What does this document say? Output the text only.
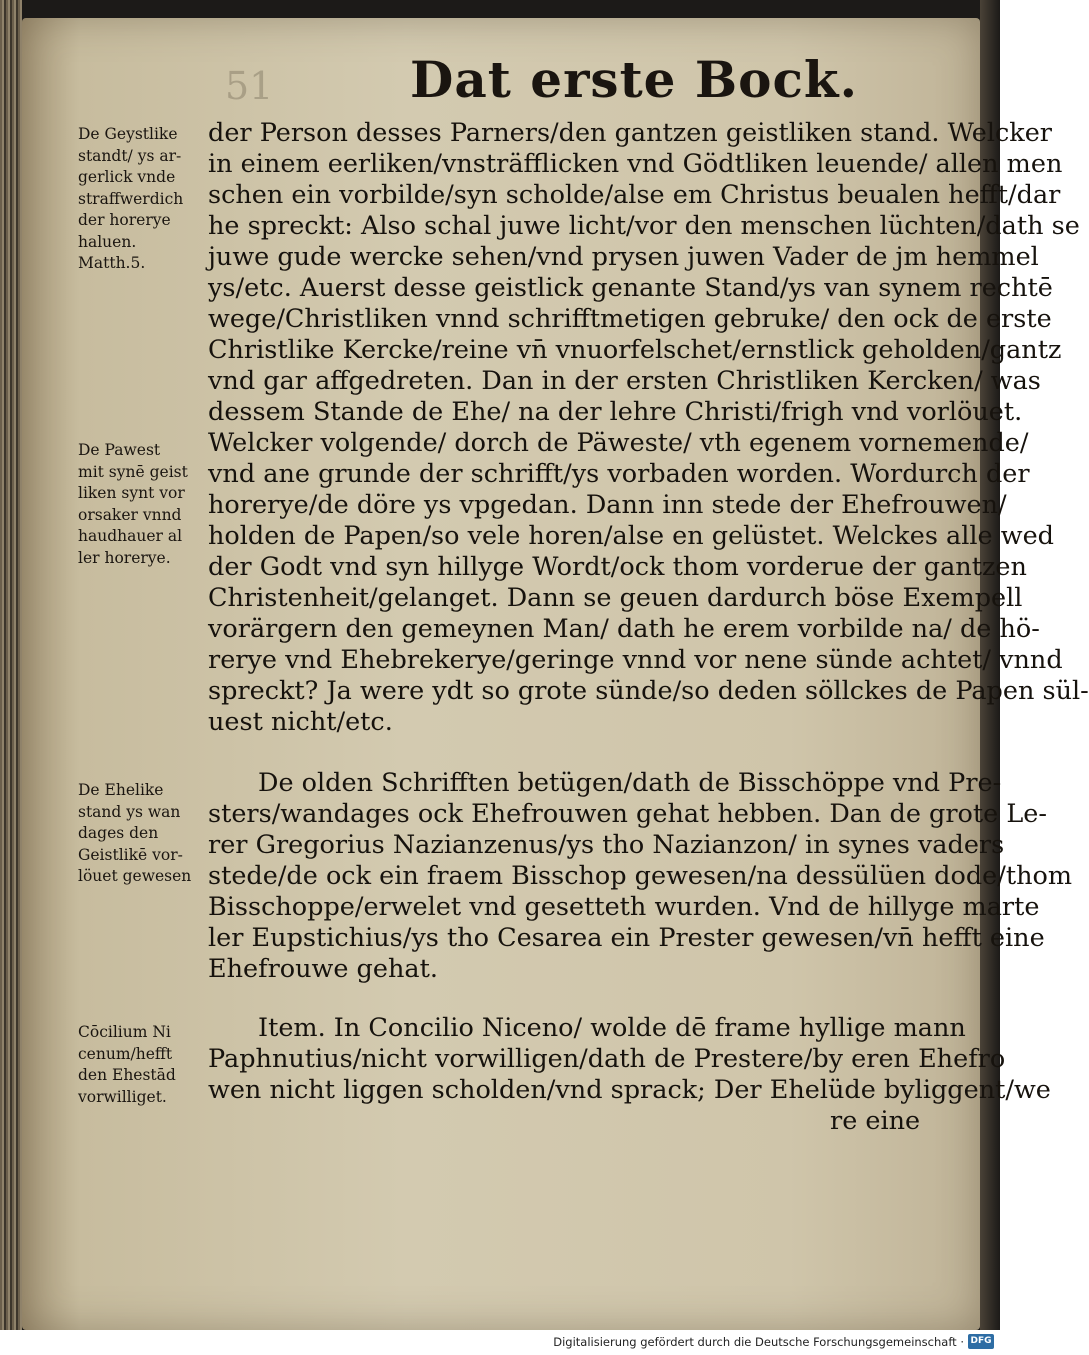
51	Dat erste Bock.
De Geystlike
standt/ ys ar-
gerlick vnde
straffwerdich
der horerye
haluen.
Matth.5.
De Pawest
mit synē geist
liken synt vor
orsaker vnnd
haudhauer al
ler horerye.
De Ehelike
stand ys wan
dages den
Geistlikē vor-
löuet gewesen
Cōcilium Ni
cenum/hefft
den Ehestād
vorwilliget.
der Person desses Parners/den gantzen geistliken stand. Welcker
in einem eerliken/vnsträfflicken vnd Gödtliken leuende/ allen men
schen ein vorbilde/syn scholde/alse em Christus beualen hefft/dar
he spreckt: Also schal juwe licht/vor den menschen lüchten/dath se
juwe gude wercke sehen/vnd prysen juwen Vader de jm hemmel
ys/etc. Auerst desse geistlick genante Stand/ys van synem rechtē
wege/Christliken vnnd schrifftmetigen gebruke/ den ock de erste
Christlike Kercke/reine vn̄ vnuorfelschet/ernstlick geholden/gantz
vnd gar affgedreten. Dan in der ersten Christliken Kercken/ was
dessem Stande de Ehe/ na der lehre Christi/frigh vnd vorlöuet.
Welcker volgende/ dorch de Päweste/ vth egenem vornemende/
vnd ane grunde der schrifft/ys vorbaden worden. Wordurch der
horerye/de döre ys vpgedan. Dann inn stede der Ehefrouwen/
holden de Papen/so vele horen/alse en gelüstet. Welckes alle wed
der Godt vnd syn hillyge Wordt/ock thom vorderue der gantzen
Christenheit/gelanget. Dann se geuen dardurch böse Exempell
vorärgern den gemeynen Man/ dath he erem vorbilde na/ de hö-
rerye vnd Ehebrekerye/geringe vnnd vor nene sünde achtet/ vnnd
spreckt? Ja were ydt so grote sünde/so deden söllckes de Papen sül-
uest nicht/etc.
De olden Schrifften betügen/dath de Bisschöppe vnd Pre-
sters/wandages ock Ehefrouwen gehat hebben. Dan de grote Le-
rer Gregorius Nazianzenus/ys tho Nazianzon/ in synes vaders
stede/de ock ein fraem Bisschop gewesen/na dessülüen dode/thom
Bisschoppe/erwelet vnd gesetteth wurden. Vnd de hillyge marte
ler Eupstichius/ys tho Cesarea ein Prester gewesen/vn̄ hefft eine
Ehefrouwe gehat.
Item. In Concilio Niceno/ wolde dē frame hyllige mann
Paphnutius/nicht vorwilligen/dath de Prestere/by eren Ehefro
wen nicht liggen scholden/vnd sprack; Der Ehelüde byliggent/we
re eine
Digitalisierung gefördert durch die Deutsche Forschungsgemeinschaft · DFG
